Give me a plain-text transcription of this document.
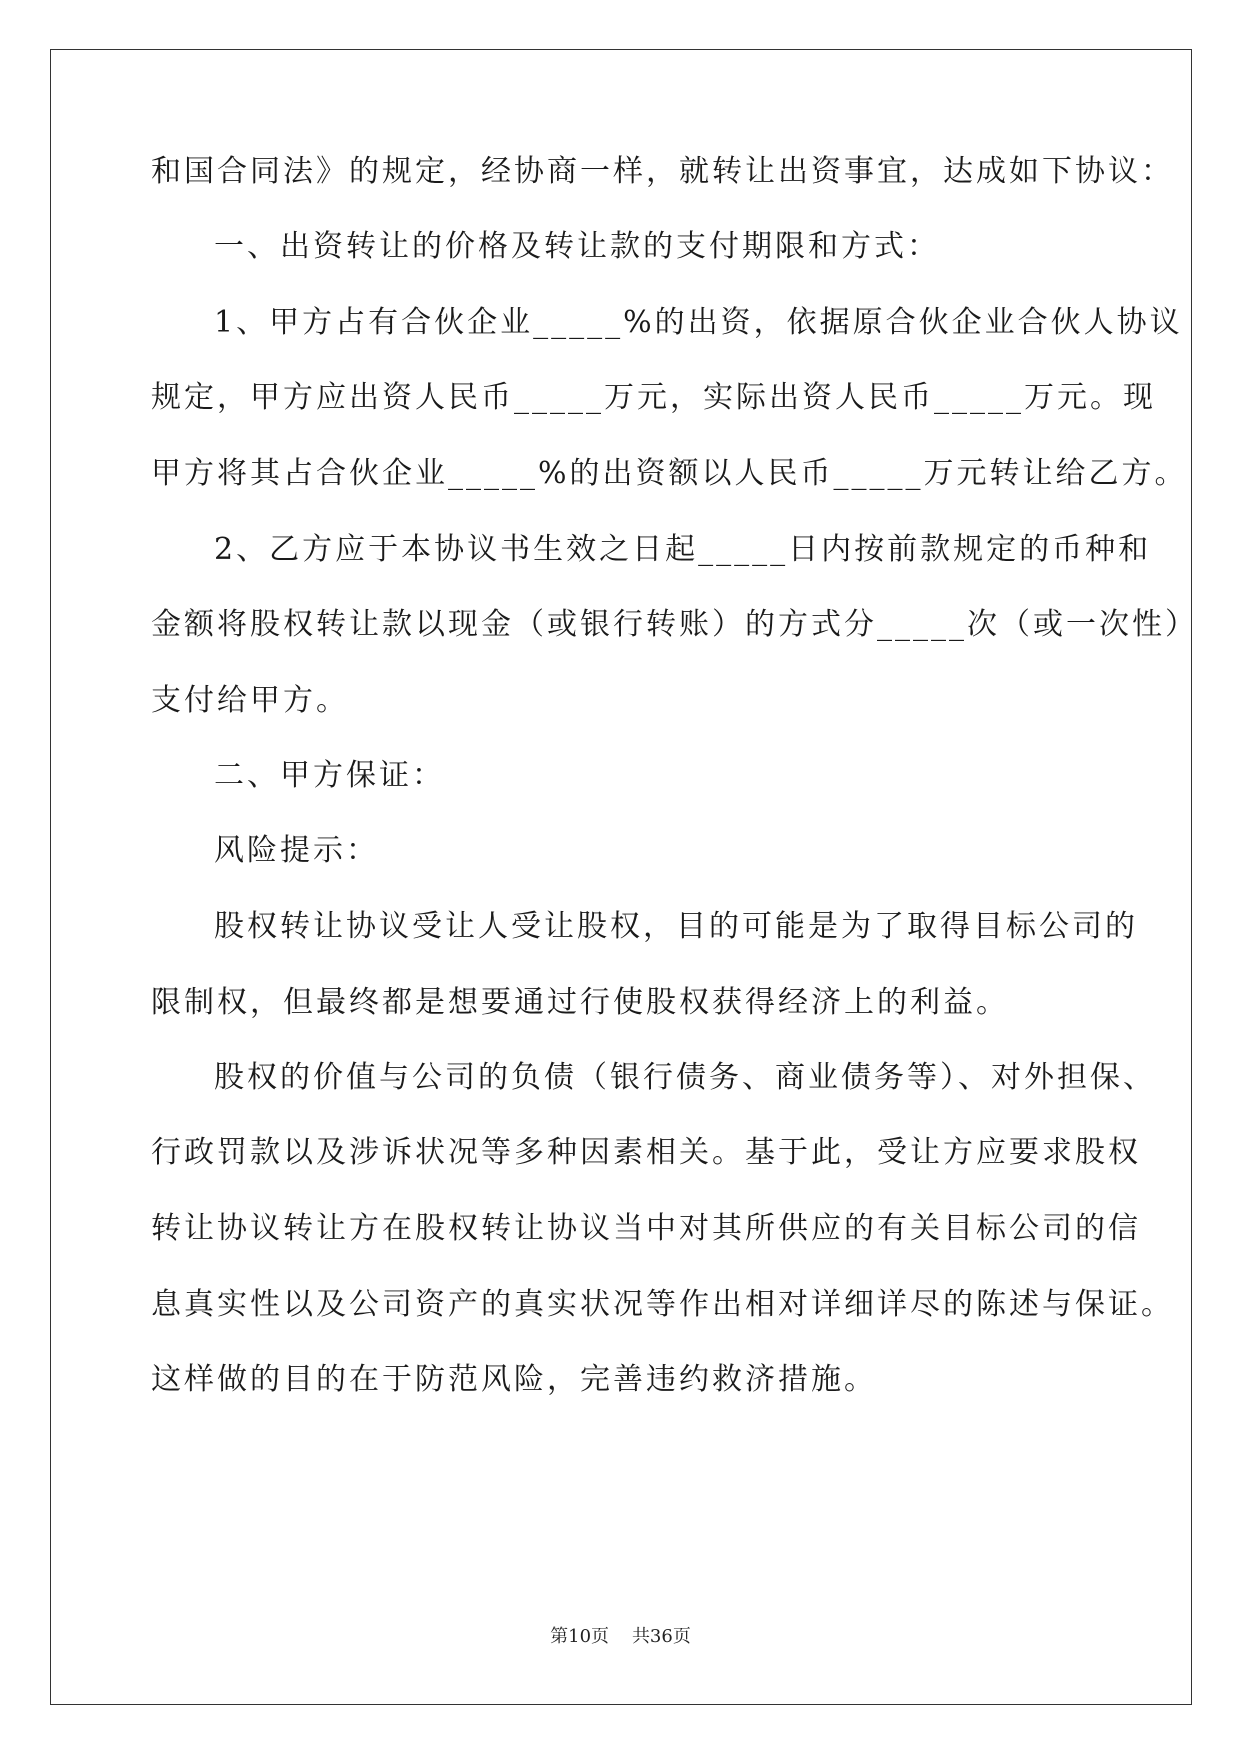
和国合同法》的规定，经协商一样，就转让出资事宜，达成如下协议：
一、出资转让的价格及转让款的支付期限和方式：
1、甲方占有合伙企业_____%的出资，依据原合伙企业合伙人协议
规定，甲方应出资人民币_____万元，实际出资人民币_____万元。现
甲方将其占合伙企业_____%的出资额以人民币_____万元转让给乙方。
2、乙方应于本协议书生效之日起_____日内按前款规定的币种和
金额将股权转让款以现金（或银行转账）的方式分_____次（或一次性）
支付给甲方。
二、甲方保证：
风险提示：
股权转让协议受让人受让股权，目的可能是为了取得目标公司的
限制权，但最终都是想要通过行使股权获得经济上的利益。
股权的价值与公司的负债（银行债务、商业债务等）、对外担保、
行政罚款以及涉诉状况等多种因素相关。基于此，受让方应要求股权
转让协议转让方在股权转让协议当中对其所供应的有关目标公司的信
息真实性以及公司资产的真实状况等作出相对详细详尽的陈述与保证。
这样做的目的在于防范风险，完善违约救济措施。
第10页 共36页
